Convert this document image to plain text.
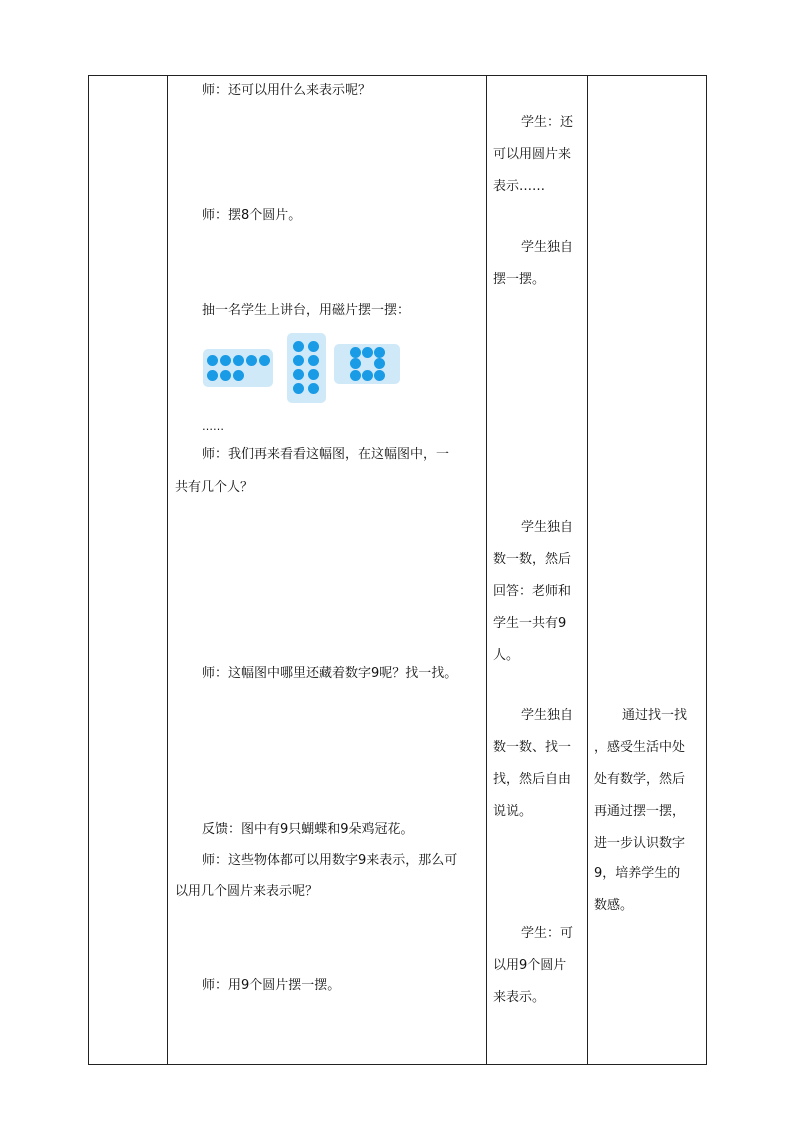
师：还可以用什么来表示呢？
师：摆8个圆片。
抽一名学生上讲台，用磁片摆一摆：
……
师：我们再来看看这幅图，在这幅图中，一
共有几个人？
师：这幅图中哪里还藏着数字9呢？找一找。
反馈：图中有9只蝴蝶和9朵鸡冠花。
师：这些物体都可以用数字9来表示，那么可
以用几个圆片来表示呢？
师：用9个圆片摆一摆。
学生：还
可以用圆片来
表示……
学生独自
摆一摆。
学生独自
数一数，然后
回答：老师和
学生一共有9
人。
学生独自
数一数、找一
找，然后自由
说说。
学生：可
以用9个圆片
来表示。
通过找一找
，感受生活中处
处有数学，然后
再通过摆一摆，
进一步认识数字
9，培养学生的
数感。
